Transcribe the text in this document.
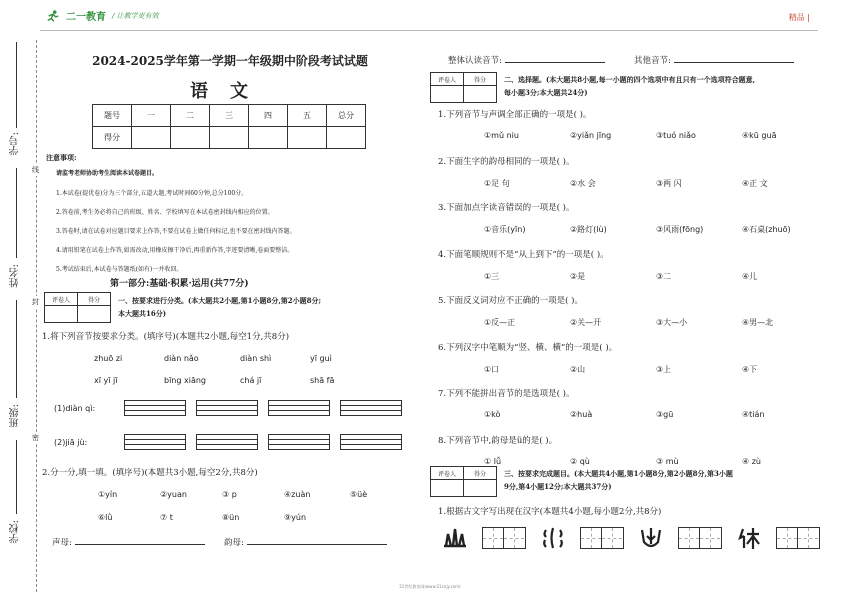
二一教育 / 让教学更有效	精品 |
学号:
姓名:
班级:
学校:
线
封
密
2024-2025学年第一学期一年级期中阶段考试试题
语文
题号	一	二	三	四	五	总分
得分						
注意事项:
请监考老师协助考生阅读本试卷题目。
1.本试卷(提优卷)分为三个部分,五道大题,考试时间60分钟,总分100分。
2.答卷前,考生务必将自己的班级、姓名、学校填写在本试卷密封线内相应的位置。
3.答卷时,请在试卷对应题目要求上作答,不要在试卷上做任何标记,也不要在密封线内答题。
4.请用铅笔在试卷上作答,如需改动,用橡皮擦干净后,再重新作答,字迹要清晰,卷面要整洁。
5.考试结束后,本试卷与答题纸(如有)一并收回。
第一部分:基础·积累·运用(共77分)
评卷人	得分
		一、按要求进行分类。(本大题共2小题,第1小题8分,第2小题8分;
本大题共16分)
1.将下列音节按要求分类。(填序号)(本题共2小题,每空1分,共8分)
zhuō zi	diàn nǎo	diàn shì	yī guì
xī yī jī	bīng xiāng	chá jī	shā fā
(1)diàn qì:
(2)jiā jù:
2.分一分,填一填。(填序号)(本题共3小题,每空2分,共8分)
①yín	②yuan	③ p	④zuàn	⑤üè
⑥lǜ	⑦ t	⑧ün	⑨yún
声母:	韵母:
整体认读音节:	其他音节:
评卷人	得分
		二、选择题。(本大题共8小题,每一小题的四个选项中有且只有一个选项符合题意,
每小题3分;本大题共24分)
1.下列音节与声调全部正确的一项是( )。
①mǔ niu	②yiǎn jīng	③tuó niǎo	④kū guā
2.下面生字的韵母相同的一项是( )。
①足 句	②水 会	③两 闪	④正 文
3.下面加点字读音错误的一项是( )。
①音乐(yīn)	②路灯(lù)	③风雨(fōng)	④石桌(zhuō)
4.下面笔顺规则不是“从上到下”的一项是( )。
①三	②是	③二	④儿
5.下面反义词对应不正确的一项是( )。
①反—正	②关—开	③大—小	④男—北
6.下列汉字中笔顺为“竖、横、横”的一项是( )。
①口	②山	③上	④下
7.下列不能拼出音节的是选项是( )。
①kò	②huà	③gū	④tián
8.下列音节中,韵母是ü的是( )。
① lǚ	② qù	③ mù	④ zù
评卷人	得分
		三、按要求完成题目。(本大题共4小题,第1小题8分,第2小题8分,第3小题
9分,第4小题12分;本大题共37分)
1.根据古文字写出现在汉字(本题共4小题,每小题2分,共8分)
21世纪教育网(www.21cnjy.com)
